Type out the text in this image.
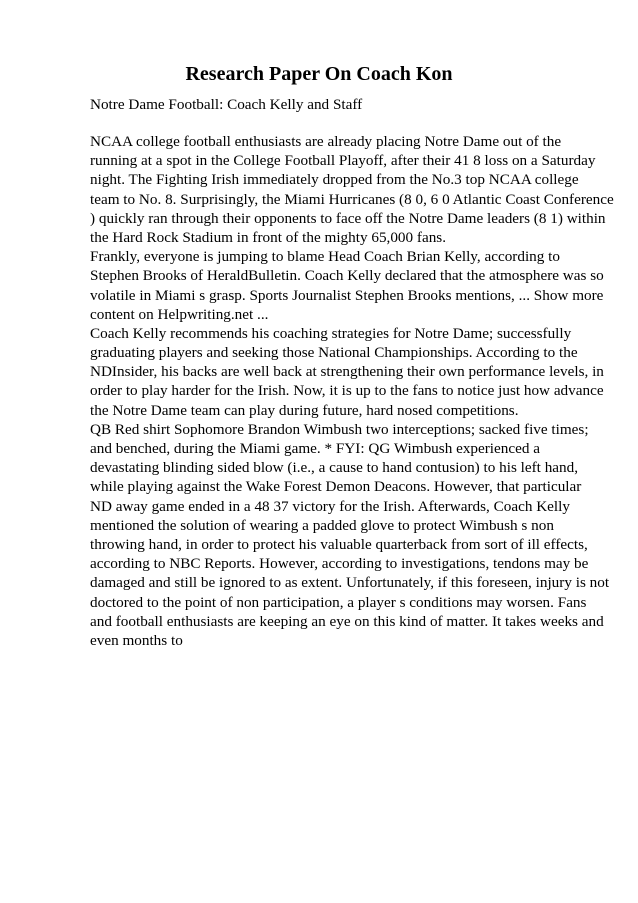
Research Paper On Coach Kon

Notre Dame Football: Coach Kelly and Staff

NCAA college football enthusiasts are already placing Notre Dame out of the
running at a spot in the College Football Playoff, after their 41 8 loss on a Saturday
night. The Fighting Irish immediately dropped from the No.3 top NCAA college
team to No. 8. Surprisingly, the Miami Hurricanes (8 0, 6 0 Atlantic Coast Conference
) quickly ran through their opponents to face off the Notre Dame leaders (8 1) within
the Hard Rock Stadium in front of the mighty 65,000 fans.
Frankly, everyone is jumping to blame Head Coach Brian Kelly, according to
Stephen Brooks of HeraldBulletin. Coach Kelly declared that the atmosphere was so
volatile in Miami s grasp. Sports Journalist Stephen Brooks mentions, ... Show more
content on Helpwriting.net ...
Coach Kelly recommends his coaching strategies for Notre Dame; successfully
graduating players and seeking those National Championships. According to the
NDInsider, his backs are well back at strengthening their own performance levels, in
order to play harder for the Irish. Now, it is up to the fans to notice just how advance
the Notre Dame team can play during future, hard nosed competitions.
QB Red shirt Sophomore Brandon Wimbush two interceptions; sacked five times;
and benched, during the Miami game. * FYI: QG Wimbush experienced a
devastating blinding sided blow (i.e., a cause to hand contusion) to his left hand,
while playing against the Wake Forest Demon Deacons. However, that particular
ND away game ended in a 48 37 victory for the Irish. Afterwards, Coach Kelly
mentioned the solution of wearing a padded glove to protect Wimbush s non
throwing hand, in order to protect his valuable quarterback from sort of ill effects,
according to NBC Reports. However, according to investigations, tendons may be
damaged and still be ignored to as extent. Unfortunately, if this foreseen, injury is not
doctored to the point of non participation, a player s conditions may worsen. Fans
and football enthusiasts are keeping an eye on this kind of matter. It takes weeks and
even months to
